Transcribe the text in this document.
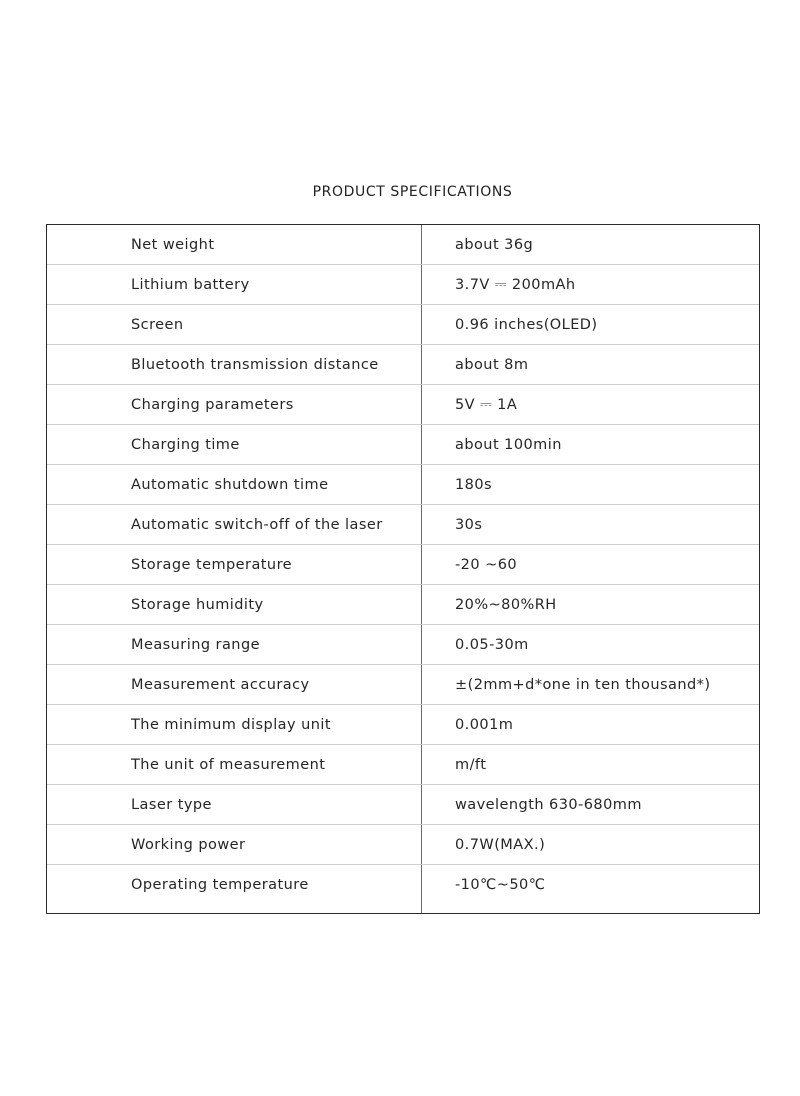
PRODUCT SPECIFICATIONS
Net weight	about 36g
Lithium battery	3.7V ⎓ 200mAh
Screen	0.96 inches(OLED)
Bluetooth transmission distance	about 8m
Charging parameters	5V ⎓ 1A
Charging time	about 100min
Automatic shutdown time	180s
Automatic switch-off of the laser	30s
Storage temperature	-20 ~60
Storage humidity	20%~80%RH
Measuring range	0.05-30m
Measurement accuracy	±(2mm+d*one in ten thousand*)
The minimum display unit	0.001m
The unit of measurement	m/ft
Laser type	wavelength 630-680mm
Working power	0.7W(MAX.)
Operating temperature	-10℃~50℃
